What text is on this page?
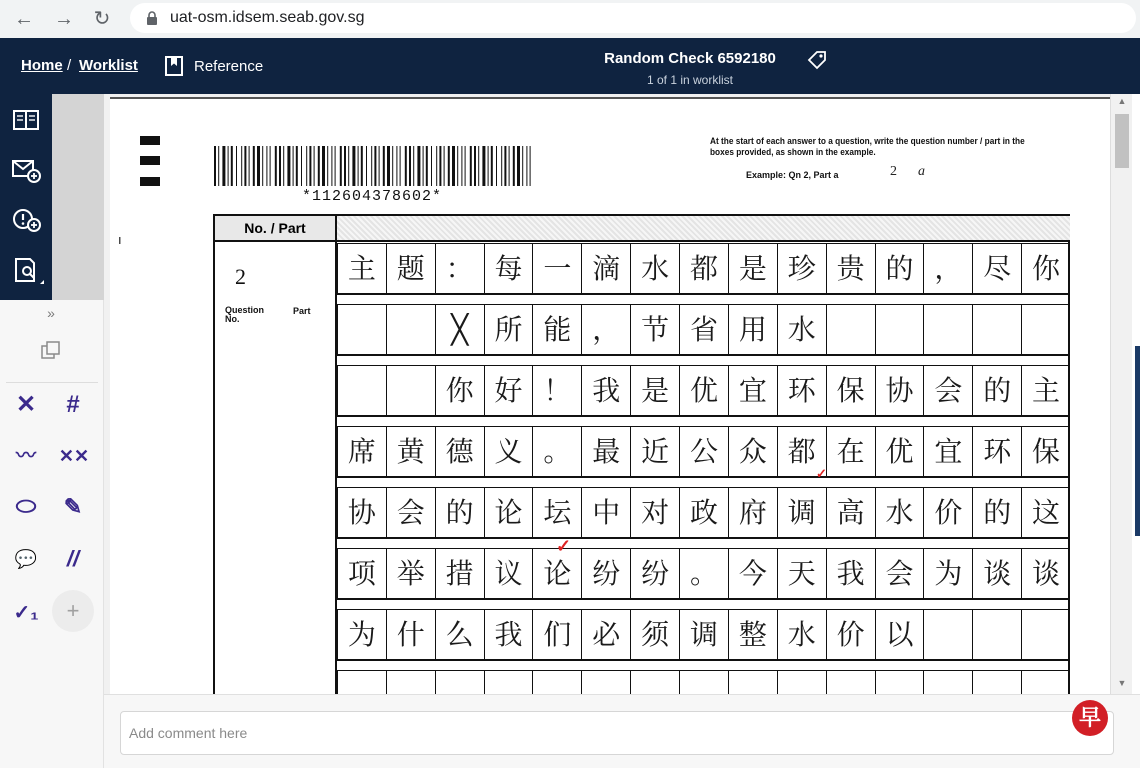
← → ↻	uat-osm.idsem.seab.gov.sg
Home / Worklist	Reference	Random Check 6592180
1 of 1 in worklist
»
✕	#
〰	✕✕
⬭	✎
💬	//
✓₁	+
ı
*112604378602*
At the start of each answer to a question, write the question number / part in the boxes provided, as shown in the example.
Example: Qn 2, Part a	2 a
No. / Part
2
Question No.
Part
主 题 ： 每 一 滴 水 都 是 珍 贵 的 ， 尽 你
╳ 所 能 ， 节 省 用 水
你 好 ！ 我 是 优 宜 环 保 协 会 的 主
席 黄 德 义 。 最 近 公 众 都 在 优 宜 环 保
协 会 的 论 坛 中 对 政 府 调 高 水 价 的 这
项 举 措 议 论 纷 纷 。 今 天 我 会 为 谈 谈
为 什 么 我 们 必 须 调 整 水 价 以
✓
✓
▲
▼
Add comment here
早
